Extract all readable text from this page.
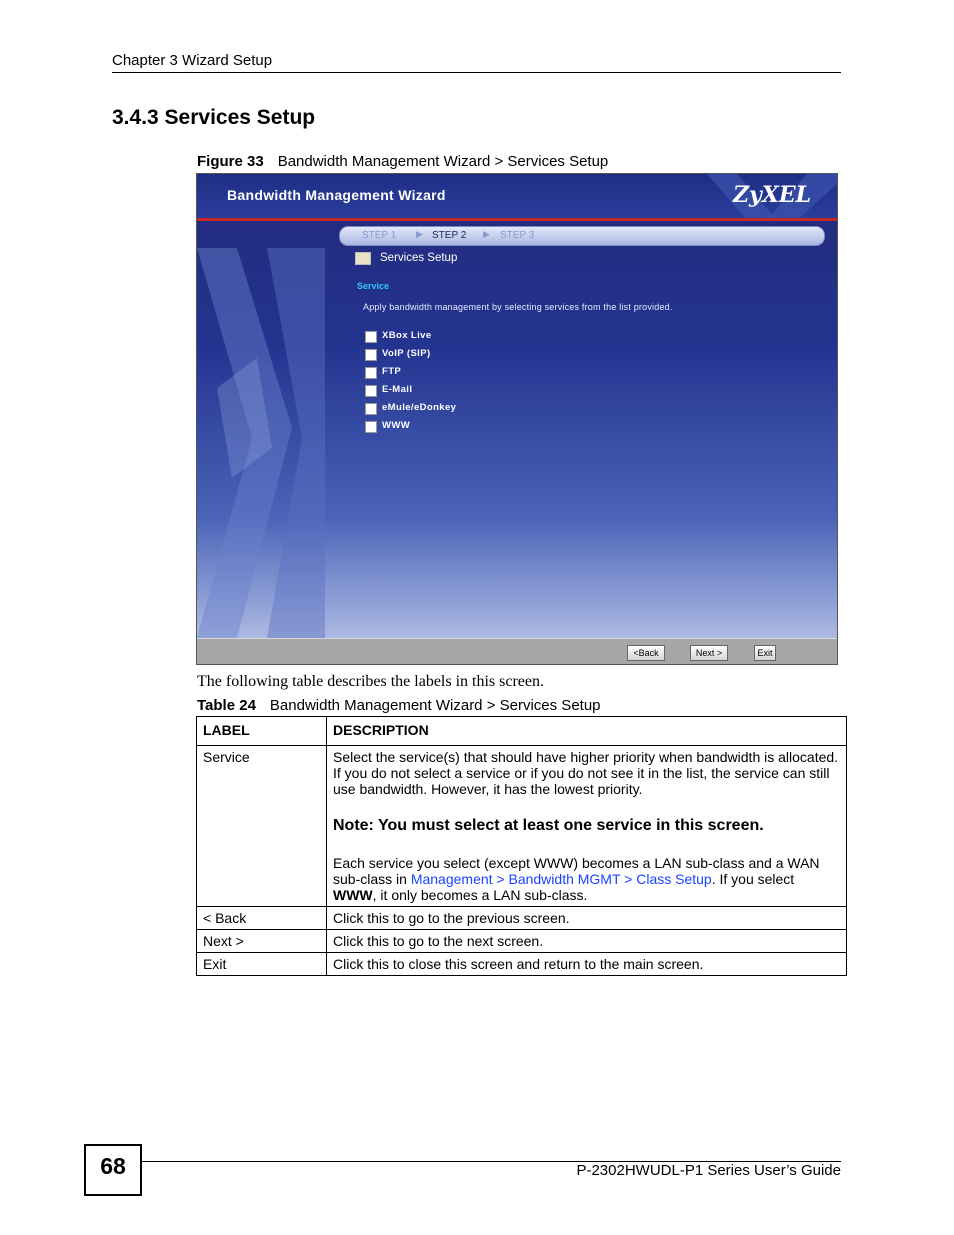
Chapter 3 Wizard Setup
3.4.3 Services Setup
Figure 33 Bandwidth Management Wizard > Services Setup
Bandwidth Management Wizard	ZyXEL
STEP 1 ▶ STEP 2 ▶ STEP 3
Services Setup
Service
Apply bandwidth management by selecting services from the list provided.
XBox Live
VoIP (SIP)
FTP
E-Mail
eMule/eDonkey
WWW
<Back	Next >	Exit
The following table describes the labels in this screen.
Table 24 Bandwidth Management Wizard > Services Setup
LABEL	DESCRIPTION
Service	Select the service(s) that should have higher priority when bandwidth is allocated. If you do not select a service or if you do not see it in the list, the service can still use bandwidth. However, it has the lowest priority.

Note: You must select at least one service in this screen.

Each service you select (except WWW) becomes a LAN sub-class and a WAN sub-class in Management > Bandwidth MGMT > Class Setup. If you select WWW, it only becomes a LAN sub-class.

< Back	Click this to go to the previous screen.
Next >	Click this to go to the next screen.
Exit	Click this to close this screen and return to the main screen.
68	P-2302HWUDL-P1 Series User’s Guide
